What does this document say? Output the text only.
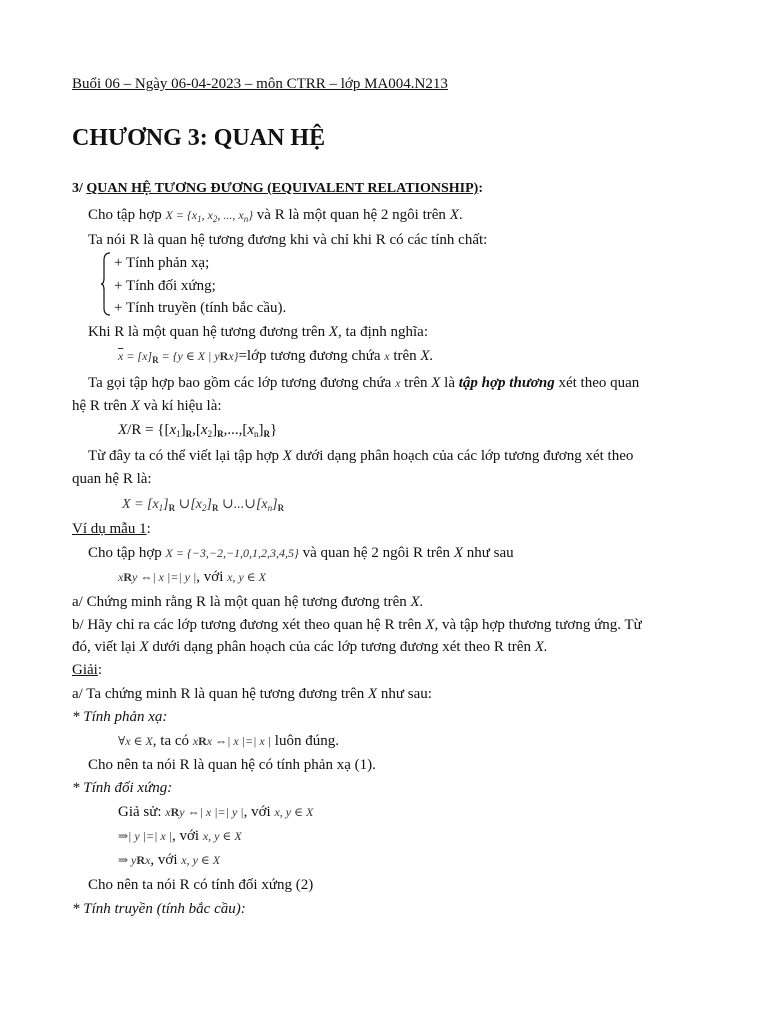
Buổi 06 – Ngày 06-04-2023 – môn CTRR – lớp MA004.N213
CHƯƠNG 3: QUAN HỆ
3/ QUAN HỆ TƯƠNG ĐƯƠNG (EQUIVALENT RELATIONSHIP):
Cho tập hợp $X = \{x_1$, $x_2$, ..., $x_n$} và R là một quan hệ 2 ngôi trên X.
Ta nói R là quan hệ tương đương khi và chỉ khi R có các tính chất:
+ Tính phản xạ;
+ Tính đối xứng;
+ Tính truyền (tính bắc cầu).
Khi R là một quan hệ tương đương trên X, ta định nghĩa:
$\overline{x} = [x]_R = \{y$ ∈ X | yRx}=lớp tương đương chứa x trên X.
Ta gọi tập hợp bao gồm các lớp tương đương chứa x trên X là tập hợp thương xét theo quan
hệ R trên X và kí hiệu là:
$X/R = \{[x_1]_R,[x_2]_R,...,[x_n]_R\}$
Từ đây ta có thể viết lại tập hợp X dưới dạng phân hoạch của các lớp tương đương xét theo
quan hệ R là:
$X = [x_1]_R$ $\cup[x_2]_R$ $\cup...\cup[x_n]_R$
Ví dụ mẫu 1:
Cho tập hợp X = {−3,−2,−1,0,1,2,3,4,5} và quan hệ 2 ngôi R trên X như sau
xRy ⇔| x |=| y |, với x, y ∈ X
a/ Chứng minh rằng R là một quan hệ tương đương trên X.
b/ Hãy chỉ ra các lớp tương đương xét theo quan hệ R trên X, và tập hợp thương tương ứng. Từ
đó, viết lại X dưới dạng phân hoạch của các lớp tương đương xét theo R trên X.
Giải:
a/ Ta chứng minh R là quan hệ tương đương trên X như sau:
* Tính phản xạ:
∀x ∈ X, ta có xRx ⇔| x |=| x | luôn đúng.
Cho nên ta nói R là quan hệ có tính phản xạ (1).
* Tính đối xứng:
Giả sử: xRy ⇔| x |=| y |, với x, y ∈ X
⇒| y |=| x |, với x, y ∈ X
⇒ yRx, với x, y ∈ X
Cho nên ta nói R có tính đối xứng (2)
* Tính truyền (tính bắc cầu):
